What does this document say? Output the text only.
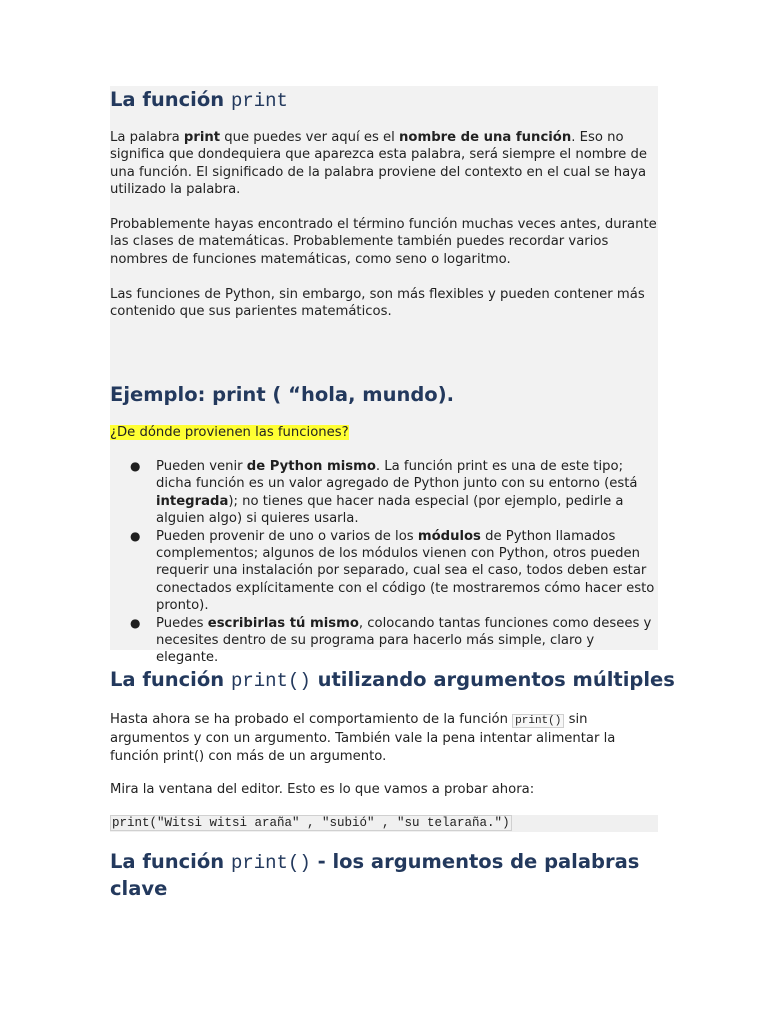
La función print

La palabra print que puedes ver aquí es el nombre de una función. Eso no significa que dondequiera que aparezca esta palabra, será siempre el nombre de una función. El significado de la palabra proviene del contexto en el cual se haya utilizado la palabra.

Probablemente hayas encontrado el término función muchas veces antes, durante las clases de matemáticas. Probablemente también puedes recordar varios nombres de funciones matemáticas, como seno o logaritmo.

Las funciones de Python, sin embargo, son más flexibles y pueden contener más contenido que sus parientes matemáticos.

Ejemplo: print ( “hola, mundo).

¿De dónde provienen las funciones?

● Pueden venir de Python mismo. La función print es una de este tipo; dicha función es un valor agregado de Python junto con su entorno (está integrada); no tienes que hacer nada especial (por ejemplo, pedirle a alguien algo) si quieres usarla.
● Pueden provenir de uno o varios de los módulos de Python llamados complementos; algunos de los módulos vienen con Python, otros pueden requerir una instalación por separado, cual sea el caso, todos deben estar conectados explícitamente con el código (te mostraremos cómo hacer esto pronto).
● Puedes escribirlas tú mismo, colocando tantas funciones como desees y necesites dentro de su programa para hacerlo más simple, claro y elegante.
La función print() utilizando argumentos múltiples

Hasta ahora se ha probado el comportamiento de la función print() sin argumentos y con un argumento. También vale la pena intentar alimentar la función print() con más de un argumento.

Mira la ventana del editor. Esto es lo que vamos a probar ahora:

print("Witsi witsi araña" , "subió" , "su telaraña.")
La función print() - los argumentos de palabras clave
